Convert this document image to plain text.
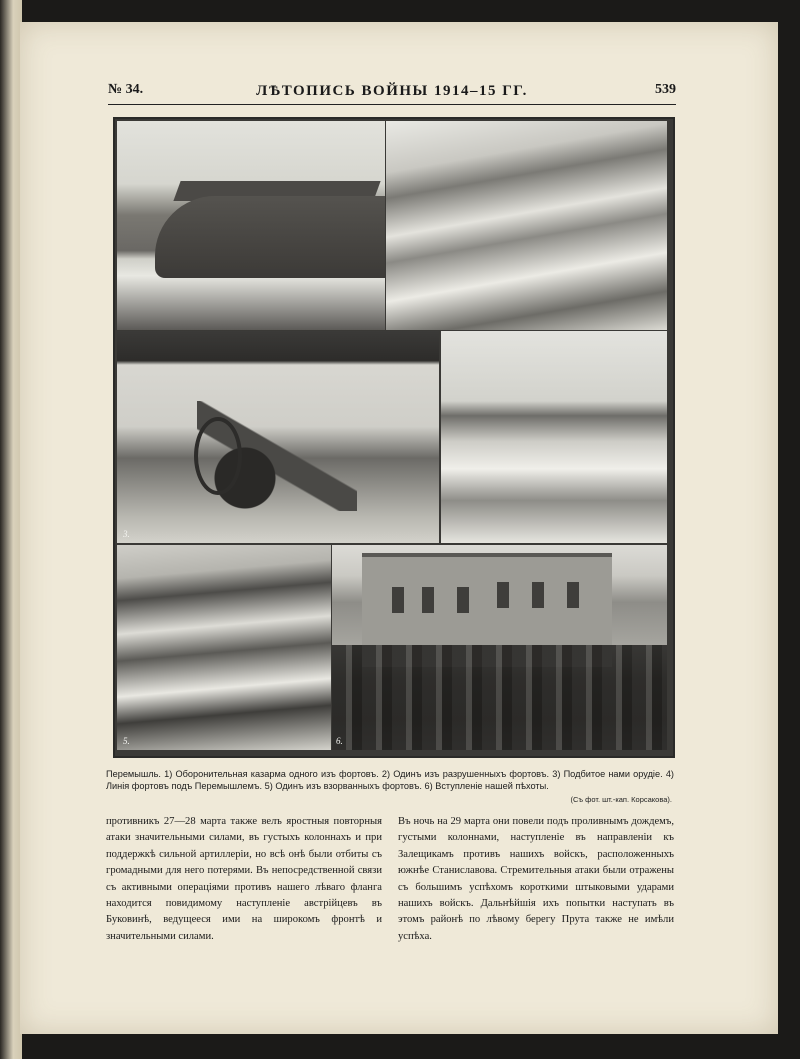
№ 34.	ЛѢТОПИСЬ ВОЙНЫ 1914–15 ГГ.	539
3.
5.	6.
Перемышль. 1) Оборонительная казарма одного изъ фортовъ. 2) Одинъ изъ разрушенныхъ фортовъ. 3) Подбитое нами орудіе. 4) Линія фортовъ подъ Перемышлемъ. 5) Одинъ изъ взорванныхъ фортовъ. 6) Вступленіе нашей пѣхоты.
(Съ фот. шт.-кап. Корсакова).
противникъ 27—28 марта также велъ яростныя повторныя атаки значительными силами, въ густыхъ колоннахъ и при поддержкѣ сильной артиллеріи, но всѣ онѣ были отбиты съ громадными для него потерями. Въ непосредственной связи съ активными операціями противъ нашего лѣваго фланга находится повидимому наступленіе австрійцевъ въ Буковинѣ, ведущееся ими на широкомъ фронтѣ и значительными силами.
Въ ночь на 29 марта они повели подъ проливнымъ дождемъ, густыми колоннами, наступленіе въ направленіи къ Залещикамъ противъ нашихъ войскъ, расположенныхъ южнѣе Станиславова. Стремительныя атаки были отражены съ большимъ успѣхомъ короткими штыковыми ударами нашихъ войскъ. Дальнѣйшія ихъ попытки наступать въ этомъ районѣ по лѣвому берегу Прута также не имѣли успѣха.
